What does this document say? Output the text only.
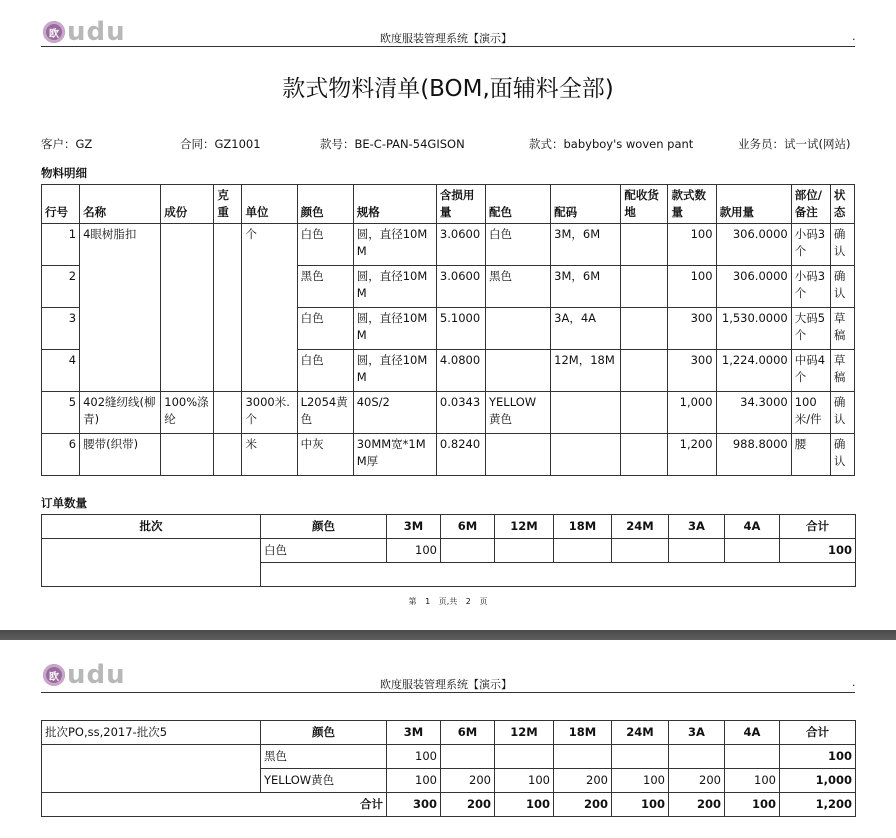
欧 udu	欧度服装管理系统【演示】	.
款式物料清单(BOM,面辅料全部)
客户：GZ	合同：GZ1001	款号：BE-C-PAN-54GISON	款式：babyboy's woven pant	业务员：试一试(网站)
物料明细
行号	名称	成份	克重	单位	颜色	规格	含损用量	配色	配码	配收货地	款式数量	款用量	部位/备注	状态
1	4眼树脂扣			个	白色	圆，直径10MM	3.0600	白色	3M，6M		100	306.0000	小码3个	确认
2					黑色	圆，直径10MM	3.0600	黑色	3M，6M		100	306.0000	小码3个	确认
3					白色	圆，直径10MM	5.1000		3A，4A		300	1,530.0000	大码5个	草稿
4					白色	圆，直径10MM	4.0800		12M，18M		300	1,224.0000	中码4个	草稿
5	402缝纫线(柳青)	100%涤纶		3000米.个	L2054黄色	40S/2	0.0343	YELLOW黄色			1,000	34.3000	100米/件	确认
6	腰带(织带)			米	中灰	30MM宽*1MM厚	0.8240				1,200	988.8000	腰	确认
订单数量
批次	颜色	3M	6M	12M	18M	24M	3A	4A	合计
	白色	100							100

第 1 页,共 2 页
欧 udu	欧度服装管理系统【演示】	.
批次PO,ss,2017-批次5	颜色	3M	6M	12M	18M	24M	3A	4A	合计
	黑色	100							100
	YELLOW黄色	100	200	100	200	100	200	100	1,000
合计		300	200	100	200	100	200	100	1,200
